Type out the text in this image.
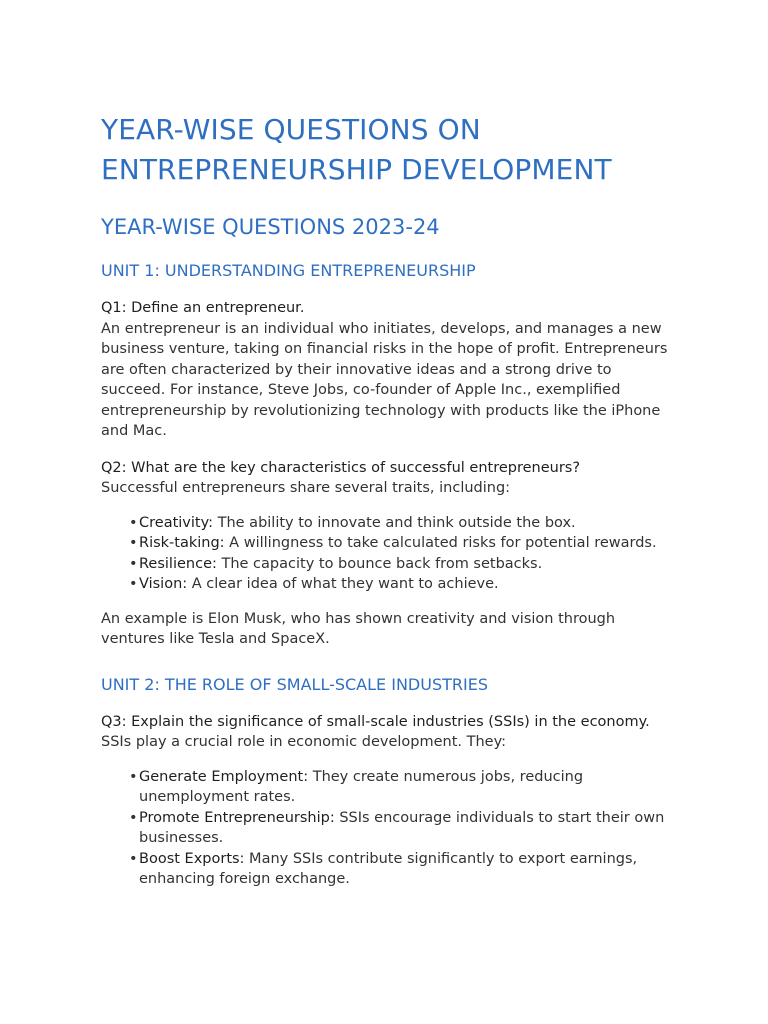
YEAR-WISE QUESTIONS ON ENTREPRENEURSHIP DEVELOPMENT
YEAR-WISE QUESTIONS 2023-24
UNIT 1: UNDERSTANDING ENTREPRENEURSHIP
Q1: Define an entrepreneur.
An entrepreneur is an individual who initiates, develops, and manages a new business venture, taking on financial risks in the hope of profit. Entrepreneurs are often characterized by their innovative ideas and a strong drive to succeed. For instance, Steve Jobs, co-founder of Apple Inc., exemplified entrepreneurship by revolutionizing technology with products like the iPhone and Mac.
Q2: What are the key characteristics of successful entrepreneurs?
Successful entrepreneurs share several traits, including:
• Creativity: The ability to innovate and think outside the box.
• Risk-taking: A willingness to take calculated risks for potential rewards.
• Resilience: The capacity to bounce back from setbacks.
• Vision: A clear idea of what they want to achieve.

An example is Elon Musk, who has shown creativity and vision through ventures like Tesla and SpaceX.

UNIT 2: THE ROLE OF SMALL-SCALE INDUSTRIES
Q3: Explain the significance of small-scale industries (SSIs) in the economy.
SSIs play a crucial role in economic development. They:
• Generate Employment: They create numerous jobs, reducing unemployment rates.
• Promote Entrepreneurship: SSIs encourage individuals to start their own businesses.
• Boost Exports: Many SSIs contribute significantly to export earnings, enhancing foreign exchange.
